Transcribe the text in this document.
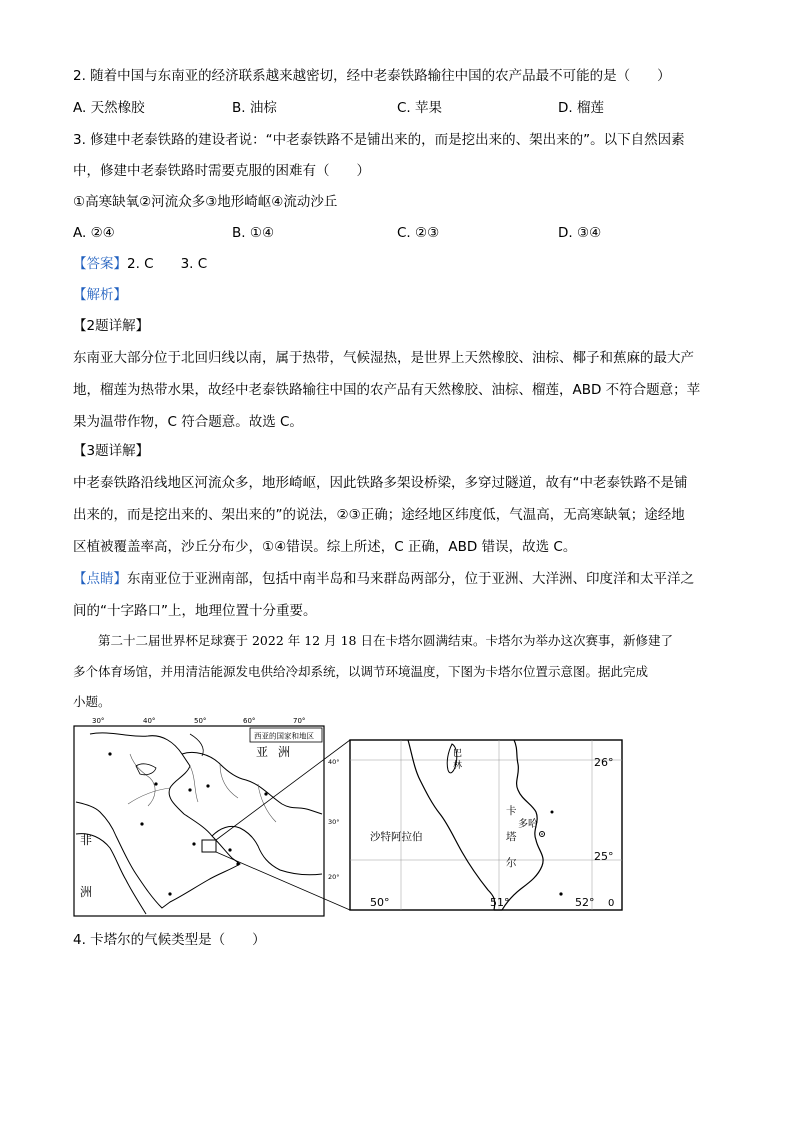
2. 随着中国与东南亚的经济联系越来越密切，经中老泰铁路输往中国的农产品最不可能的是（　　）
A. 天然橡胶	B. 油棕	C. 苹果	D. 榴莲
3. 修建中老泰铁路的建设者说：“中老泰铁路不是铺出来的，而是挖出来的、架出来的”。以下自然因素
中，修建中老泰铁路时需要克服的困难有（　　）
①高寒缺氧②河流众多③地形崎岖④流动沙丘
A. ②④	B. ①④	C. ②③	D. ③④
【答案】2. C　　3. C
【解析】
【2题详解】
东南亚大部分位于北回归线以南，属于热带，气候湿热，是世界上天然橡胶、油棕、椰子和蕉麻的最大产
地，榴莲为热带水果，故经中老泰铁路输往中国的农产品有天然橡胶、油棕、榴莲，ABD 不符合题意；苹
果为温带作物，C 符合题意。故选 C。
【3题详解】
中老泰铁路沿线地区河流众多，地形崎岖，因此铁路多架设桥梁，多穿过隧道，故有“中老泰铁路不是铺
出来的，而是挖出来的、架出来的”的说法，②③正确；途经地区纬度低，气温高，无高寒缺氧；途经地
区植被覆盖率高，沙丘分布少，①④错误。综上所述，C 正确，ABD 错误，故选 C。
【点睛】东南亚位于亚洲南部，包括中南半岛和马来群岛两部分，位于亚洲、大洋洲、印度洋和太平洋之
间的“十字路口”上，地理位置十分重要。
　　第二十二届世界杯足球赛于 2022 年 12 月 18 日在卡塔尔圆满结束。卡塔尔为举办这次赛事，新修建了
多个体育场馆，并用清洁能源发电供给冷却系统，以调节环境温度，下图为卡塔尔位置示意图。据此完成
小题。
30°	40°	50°	60°	70°
40°
30°
20°
西亚的国家和地区
亚 洲
非
洲
26°
25°
50°	51°	52° 0
巴
林
沙特阿拉伯
卡
塔
尔
多哈
4. 卡塔尔的气候类型是（　　）
